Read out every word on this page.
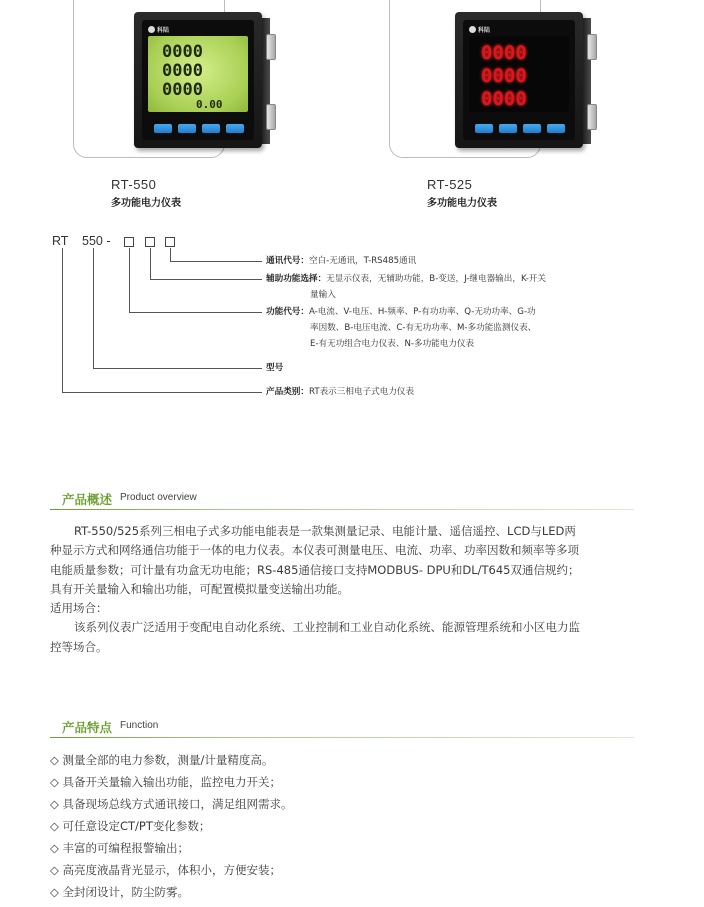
科陆
0000
0000
0000
0.00
RT-550
多功能电力仪表
科陆
0000
0000
0000
RT-525
多功能电力仪表
RT 550 -
通讯代号：空白-无通讯，T-RS485通讯
辅助功能选择：无显示仪表，无辅助功能，B-变送，J-继电器输出，K-开关
量输入
功能代号：A-电流、V-电压、H-频率、P-有功功率、Q-无功功率、G-功
率因数、B-电压电流、C-有无功功率、M-多功能监测仪表、
E-有无功组合电力仪表、N-多功能电力仪表
型号
产品类别：RT表示三相电子式电力仪表
产品概述 Product overview
RT-550/525系列三相电子式多功能电能表是一款集测量记录、电能计量、遥信遥控、LCD与LED两
种显示方式和网络通信功能于一体的电力仪表。本仪表可测量电压、电流、功率、功率因数和频率等多项
电能质量参数；可计量有功盒无功电能；RS-485通信接口支持MODBUS- DPU和DL/T645双通信规约；
具有开关量输入和输出功能，可配置模拟量变送输出功能。
适用场合：
该系列仪表广泛适用于变配电自动化系统、工业控制和工业自动化系统、能源管理系统和小区电力监
控等场合。
产品特点 Function
◇ 测量全部的电力参数，测量/计量精度高。
◇ 具备开关量输入输出功能，监控电力开关；
◇ 具备现场总线方式通讯接口，满足组网需求。
◇ 可任意设定CT/PT变化参数；
◇ 丰富的可编程报警输出；
◇ 高亮度液晶背光显示，体积小，方便安装；
◇ 全封闭设计，防尘防雾。
